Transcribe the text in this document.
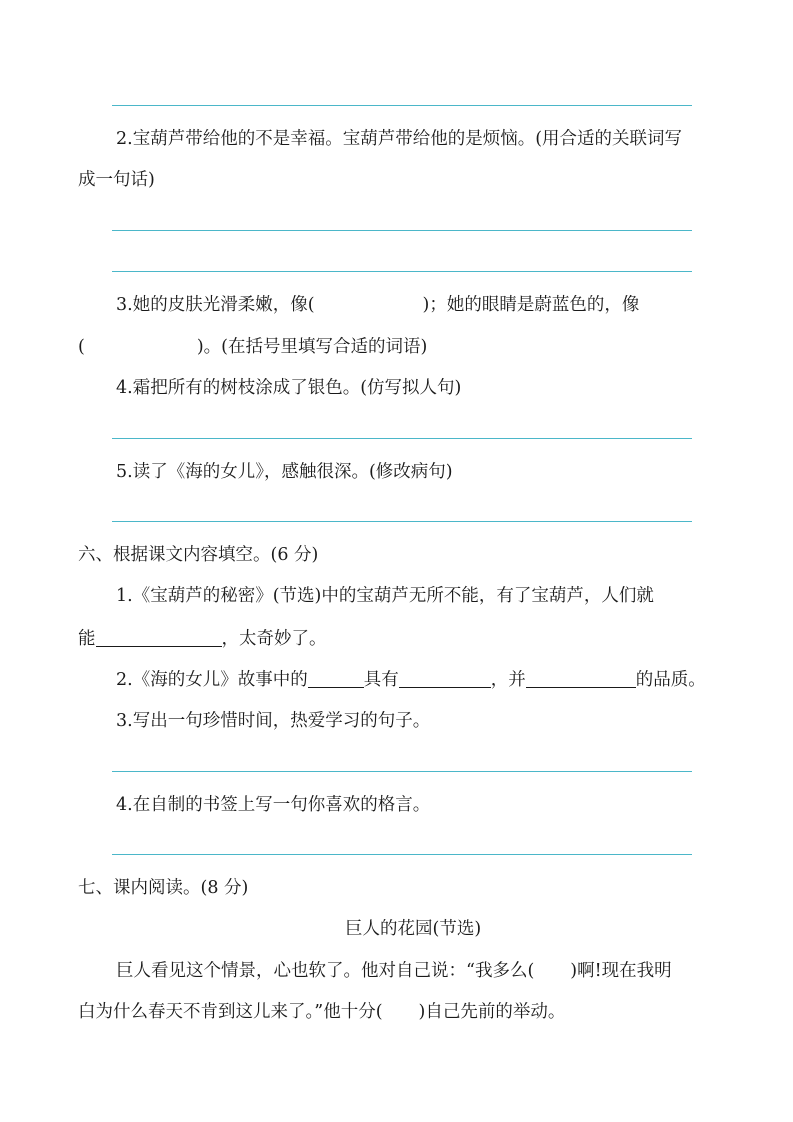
2.宝葫芦带给他的不是幸福。宝葫芦带给他的是烦恼。(用合适的关联词写

成一句话)

3.她的皮肤光滑柔嫩，像(	)；她的眼睛是蔚蓝色的，像

(	)。(在括号里填写合适的词语)

4.霜把所有的树枝涂成了银色。(仿写拟人句)

5.读了《海的女儿》，感触很深。(修改病句)

六、根据课文内容填空。(6 分)

1.《宝葫芦的秘密》(节选)中的宝葫芦无所不能，有了宝葫芦，人们就

能	，太奇妙了。

2.《海的女儿》故事中的	具有	，并	的品质。

3.写出一句珍惜时间，热爱学习的句子。

4.在自制的书签上写一句你喜欢的格言。

七、课内阅读。(8 分)

巨人的花园(节选)

巨人看见这个情景，心也软了。他对自己说：“我多么( )啊!现在我明

白为什么春天不肯到这儿来了。”他十分( )自己先前的举动。
